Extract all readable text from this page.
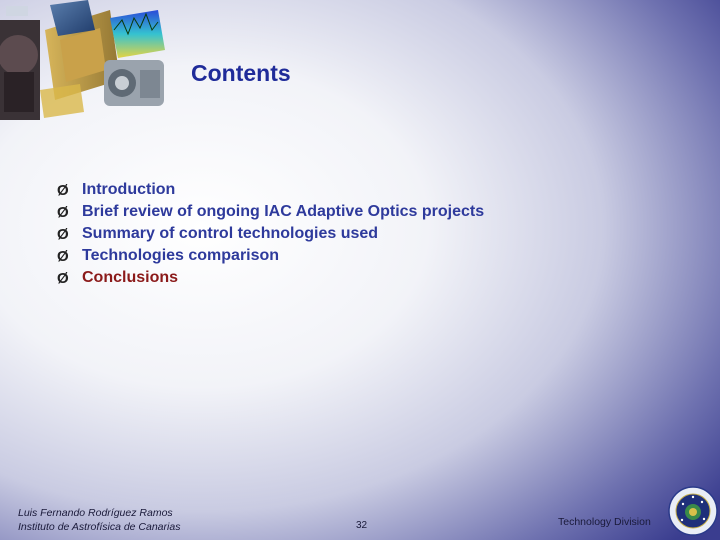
Contents
Ø Introduction
Ø Brief review of ongoing IAC Adaptive Optics projects
Ø Summary of control technologies used
Ø Technologies comparison
Ø Conclusions
Luis Fernando Rodríguez Ramos
Instituto de Astrofísica de Canarias	32	Technology Division
